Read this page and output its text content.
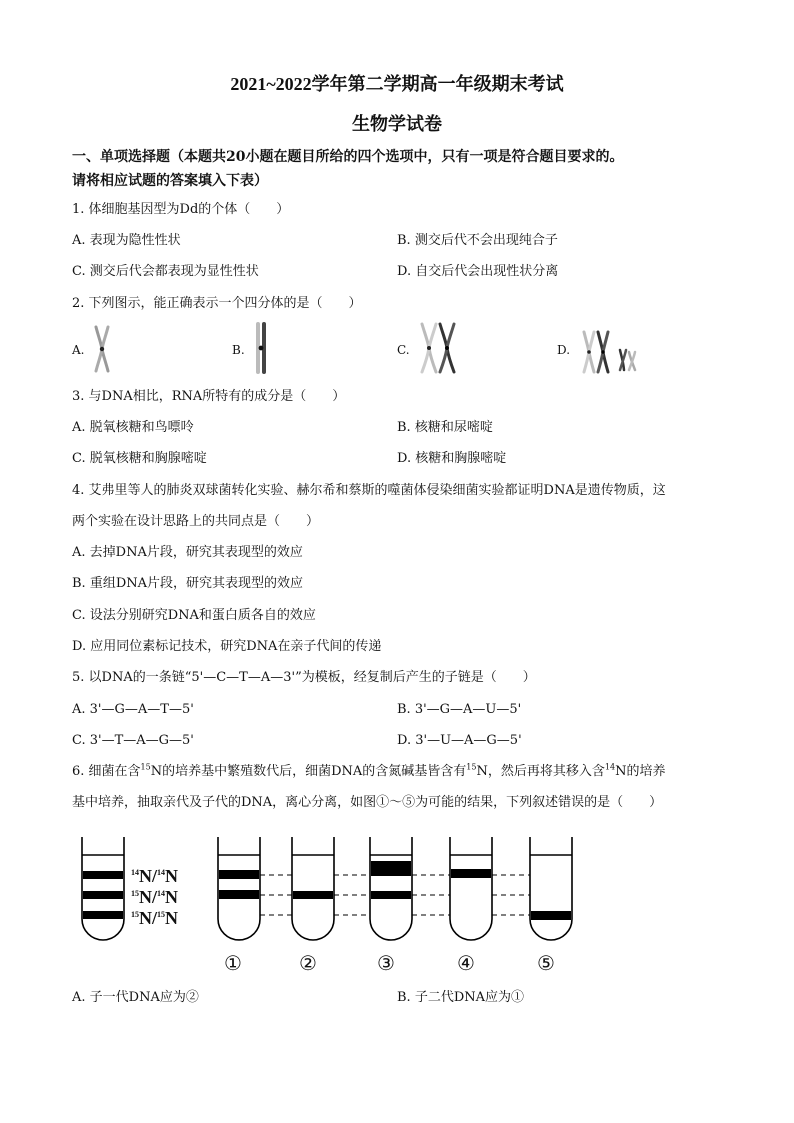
2021~2022学年第二学期高一年级期末考试
生物学试卷
一、单项选择题（本题共20小题在题目所给的四个选项中，只有一项是符合题目要求的。
请将相应试题的答案填入下表）
1. 体细胞基因型为Dd的个体（　　）
A. 表现为隐性性状	B. 测交后代不会出现纯合子
C. 测交后代会都表现为显性性状	D. 自交后代会出现性状分离
2. 下列图示，能正确表示一个四分体的是（　　）
A.	B.	C.	D.
3. 与DNA相比，RNA所特有的成分是（　　）
A. 脱氧核糖和鸟嘌呤	B. 核糖和尿嘧啶
C. 脱氧核糖和胸腺嘧啶	D. 核糖和胸腺嘧啶
4. 艾弗里等人的肺炎双球菌转化实验、赫尔希和蔡斯的噬菌体侵染细菌实验都证明DNA是遗传物质，这
两个实验在设计思路上的共同点是（　　）
A. 去掉DNA片段，研究其表现型的效应
B. 重组DNA片段，研究其表现型的效应
C. 设法分别研究DNA和蛋白质各自的效应
D. 应用同位素标记技术，研究DNA在亲子代间的传递
5. 以DNA的一条链“5'—C—T—A—3'”为模板，经复制后产生的子链是（　　）
A. 3'—G—A—T—5'	B. 3'—G—A—U—5'
C. 3'—T—A—G—5'	D. 3'—U—A—G—5'
6. 细菌在含$^{15}$N的培养基中繁殖数代后，细菌DNA的含氮碱基皆含有$^{15}$N，然后再将其移入含$^{14}$N的培养
基中培养，抽取亲代及子代的DNA，离心分离，如图①～⑤为可能的结果，下列叙述错误的是（　　）
$^{14}$N/$^{14}$N
$^{15}$N/$^{14}$N
$^{15}$N/$^{15}$N
①	②	③	④	⑤
A. 子一代DNA应为②	B. 子二代DNA应为①
